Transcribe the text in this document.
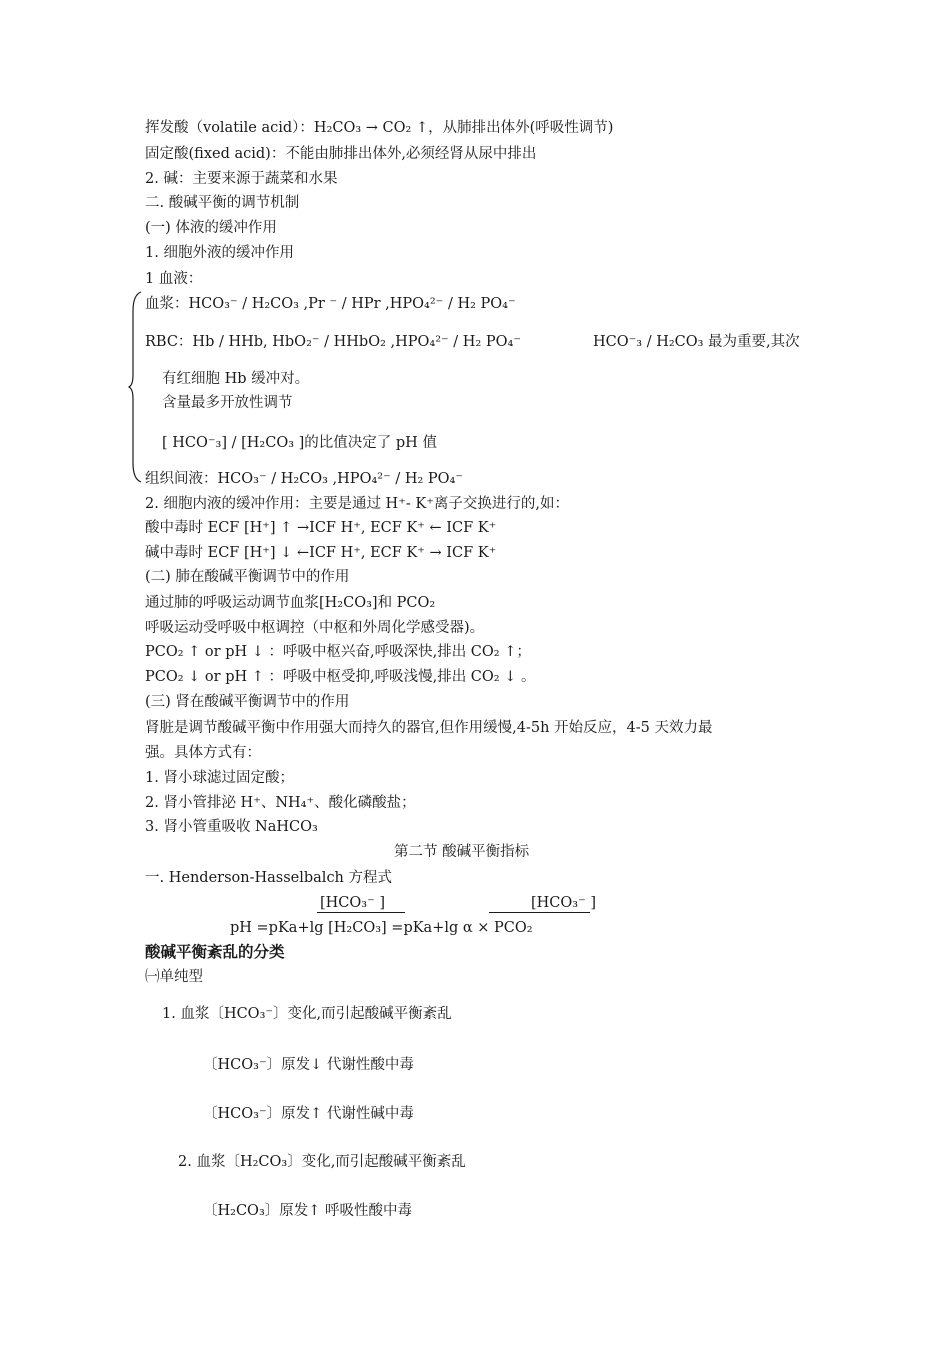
挥发酸（volatile acid）：H₂CO₃ → CO₂ ↑，从肺排出体外(呼吸性调节)
固定酸(fixed acid)：不能由肺排出体外,必须经肾从尿中排出
2. 碱：主要来源于蔬菜和水果
二. 酸碱平衡的调节机制
(一) 体液的缓冲作用
1. 细胞外液的缓冲作用
1 血液：
血浆：HCO₃⁻ / H₂CO₃ ,Pr ⁻ / HPr ,HPO₄²⁻ / H₂ PO₄⁻
RBC：Hb / HHb, HbO₂⁻ / HHbO₂ ,HPO₄²⁻ / H₂ PO₄⁻	HCO⁻₃ / H₂CO₃ 最为重要,其次
有红细胞 Hb 缓冲对。
含量最多开放性调节
[ HCO⁻₃] / [H₂CO₃ ]的比值决定了 pH 值
组织间液：HCO₃⁻ / H₂CO₃ ,HPO₄²⁻ / H₂ PO₄⁻
2. 细胞内液的缓冲作用：主要是通过 H⁺- K⁺离子交换进行的,如：
酸中毒时 ECF [H⁺] ↑ →ICF H⁺, ECF K⁺ ← ICF K⁺
碱中毒时 ECF [H⁺] ↓ ←ICF H⁺, ECF K⁺ → ICF K⁺
(二) 肺在酸碱平衡调节中的作用
通过肺的呼吸运动调节血浆[H₂CO₃]和 PCO₂
呼吸运动受呼吸中枢调控（中枢和外周化学感受器)。
PCO₂ ↑ or pH ↓ ：呼吸中枢兴奋,呼吸深快,排出 CO₂ ↑；
PCO₂ ↓ or pH ↑ ：呼吸中枢受抑,呼吸浅慢,排出 CO₂ ↓ 。
(三) 肾在酸碱平衡调节中的作用
肾脏是调节酸碱平衡中作用强大而持久的器官,但作用缓慢,4-5h 开始反应，4-5 天效力最
强。具体方式有：
1. 肾小球滤过固定酸；
2. 肾小管排泌 H⁺、NH₄⁺、酸化磷酸盐；
3. 肾小管重吸收 NaHCO₃
第二节 酸碱平衡指标
一. Henderson-Hasselbalch 方程式
[HCO₃⁻ ]	[HCO₃⁻ ]
pH =pKa+lg [H₂CO₃] =pKa+lg α × PCO₂
酸碱平衡紊乱的分类
㈠单纯型
1. 血浆〔HCO₃⁻〕变化,而引起酸碱平衡紊乱
〔HCO₃⁻〕原发↓ 代谢性酸中毒
〔HCO₃⁻〕原发↑ 代谢性碱中毒
2. 血浆〔H₂CO₃〕变化,而引起酸碱平衡紊乱
〔H₂CO₃〕原发↑ 呼吸性酸中毒
